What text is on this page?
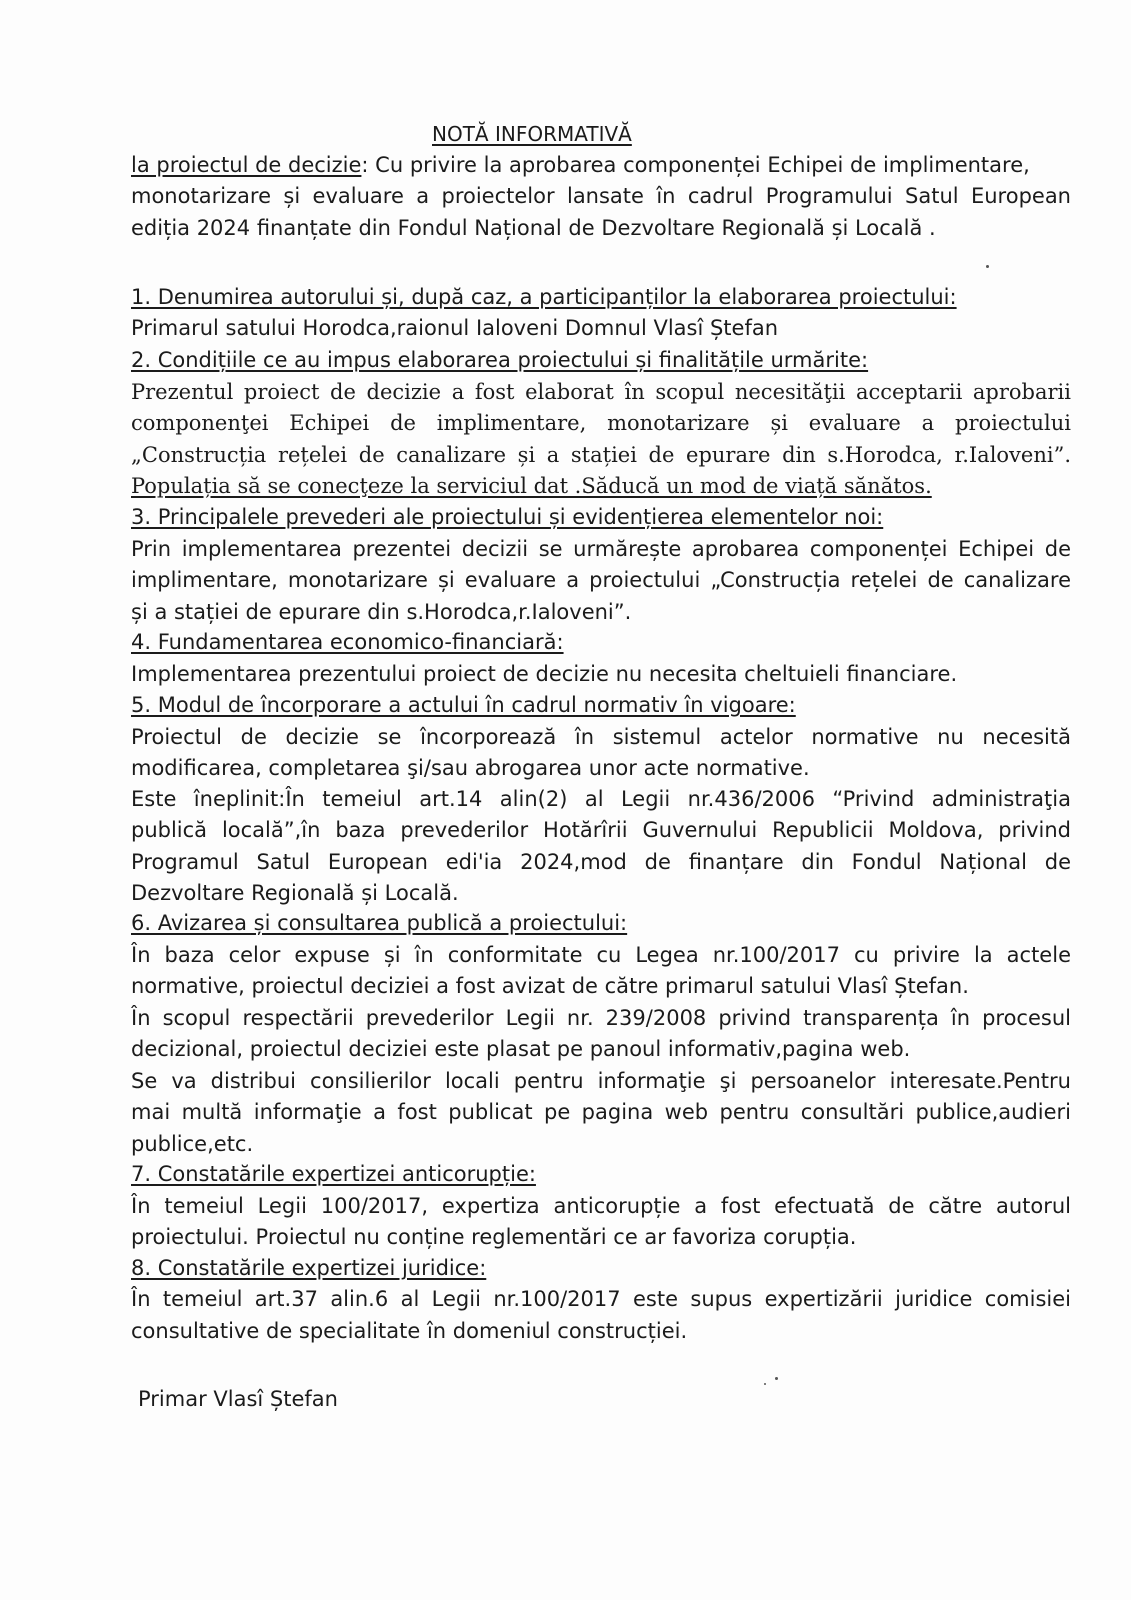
NOTĂ INFORMATIVĂ
la proiectul de decizie: Cu privire la aprobarea componenței Echipei de implimentare,
monotarizare și evaluare a proiectelor lansate în cadrul Programului Satul European
ediția 2024 finanțate din Fondul Național de Dezvoltare Regională și Locală .
1. Denumirea autorului și, după caz, a participanților la elaborarea proiectului:
Primarul satului Horodca,raionul Ialoveni Domnul Vlasî Ștefan
2. Condițiile ce au impus elaborarea proiectului și finalitățile urmărite:
Prezentul proiect de decizie a fost elaborat în scopul necesităţii acceptarii aprobarii
componenţei Echipei de implimentare, monotarizare și evaluare a proiectului
„Construcția rețelei de canalizare și a stației de epurare din s.Horodca, r.Ialoveni”.
Populația să se conecţeze la serviciul dat .Săducă un mod de viață sănătos.
3. Principalele prevederi ale proiectului și evidențierea elementelor noi:
Prin implementarea prezentei decizii se urmărește aprobarea componenței Echipei de
implimentare, monotarizare și evaluare a proiectului „Construcția rețelei de canalizare
și a stației de epurare din s.Horodca,r.Ialoveni”.
4. Fundamentarea economico-financiară:
Implementarea prezentului proiect de decizie nu necesita cheltuieli financiare.
5. Modul de încorporare a actului în cadrul normativ în vigoare:
Proiectul de decizie se încorporează în sistemul actelor normative nu necesită
modificarea, completarea şi/sau abrogarea unor acte normative.
Este îneplinit:În temeiul art.14 alin(2) al Legii nr.436/2006 “Privind administraţia
publică locală”,în baza prevederilor Hotărîrii Guvernului Republicii Moldova, privind
Programul Satul European edi'ia 2024,mod de finanțare din Fondul Național de
Dezvoltare Regională și Locală.
6. Avizarea și consultarea publică a proiectului:
În baza celor expuse și în conformitate cu Legea nr.100/2017 cu privire la actele
normative, proiectul deciziei a fost avizat de către primarul satului Vlasî Ștefan.
În scopul respectării prevederilor Legii nr. 239/2008 privind transparența în procesul
decizional, proiectul deciziei este plasat pe panoul informativ,pagina web.
Se va distribui consilierilor locali pentru informaţie şi persoanelor interesate.Pentru
mai multă informaţie a fost publicat pe pagina web pentru consultări publice,audieri
publice,etc.
7. Constatările expertizei anticorupție:
În temeiul Legii 100/2017, expertiza anticorupție a fost efectuată de către autorul
proiectului. Proiectul nu conține reglementări ce ar favoriza corupția.
8. Constatările expertizei juridice:
În temeiul art.37 alin.6 al Legii nr.100/2017 este supus expertizării juridice comisiei
consultative de specialitate în domeniul construcției.
Primar Vlasî Ștefan
